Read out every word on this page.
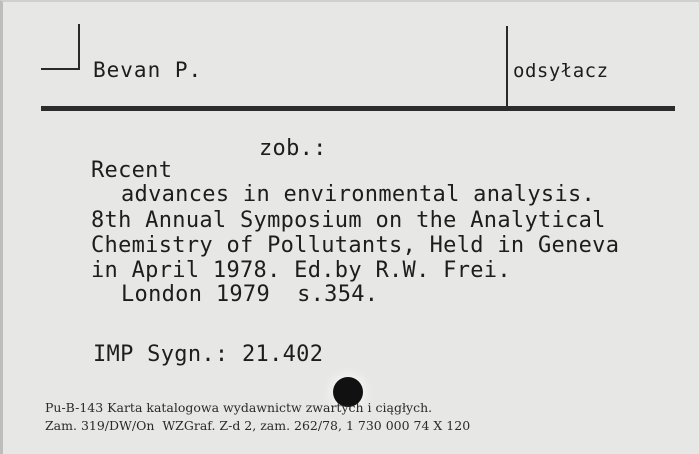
Bevan P.	odsyłacz
zob.:
Recent
advances in environmental analysis.
8th Annual Symposium on the Analytical
Chemistry of Pollutants, Held in Geneva
in April 1978. Ed.by R.W. Frei.
London 1979  s.354.
IMP Sygn.: 21.402
Pu-B-143 Karta katalogowa wydawnictw zwartych i ciągłych.
Zam. 319/DW/On  WZGraf. Z-d 2, zam. 262/78, 1 730 000 74 X 120
